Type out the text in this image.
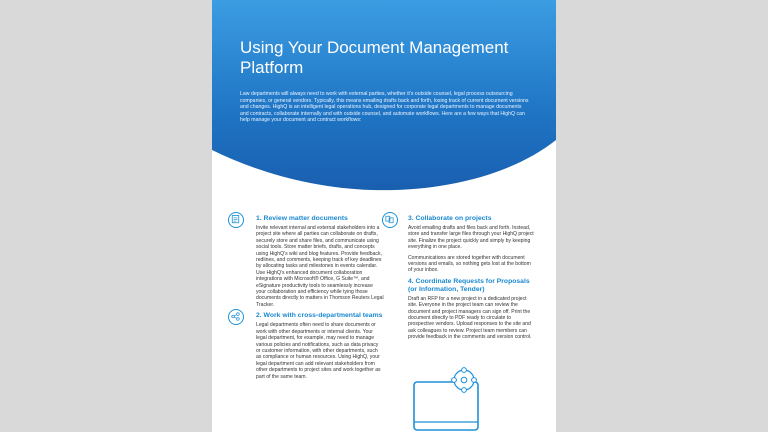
Using Your Document Management Platform

Law departments will always need to work with external parties, whether it’s outside counsel, legal process outsourcing companies, or general vendors. Typically, this means emailing drafts back and forth, losing track of current document versions and changes. HighQ is an intelligent legal operations hub, designed for corporate legal departments to manage documents and contracts, collaborate internally and with outside counsel, and automate workflows. Here are a few ways that HighQ can help manage your document and contract workflows:

1. Review matter documents

Invite relevant internal and external stakeholders into a project site where all parties can collaborate on drafts, securely store and share files, and communicate using social tools. Store matter briefs, drafts, and concepts using HighQ’s wiki and blog features. Provide feedback, redlines, and comments, keeping track of key deadlines by allocating tasks and milestones in events calendar. Use HighQ’s enhanced document collaboration integrations with Microsoft® Office, G Suite™, and eSignature productivity tools to seamlessly increase your collaboration and efficiency while tying those documents directly to matters in Thomson Reuters Legal Tracker.

2. Work with cross-departmental teams

Legal departments often need to share documents or work with other departments or internal clients. Your legal department, for example, may need to manage various policies and notifications, such as data privacy or customer information, with other departments, such as compliance or human resources. Using HighQ, your legal department can add relevant stakeholders from other departments to project sites and work together as part of the same team.

3. Collaborate on projects

Avoid emailing drafts and files back and forth. Instead, store and transfer large files through your HighQ project site. Finalize the project quickly and simply by keeping everything in one place.

Communications are stored together with document versions and emails, so nothing gets lost at the bottom of your inbox.

4. Coordinate Requests for Proposals (or Information, Tender)

Draft an RFP for a new project in a dedicated project site. Everyone in the project team can review the document and project managers can sign off. Print the document directly to PDF ready to circulate to prospective vendors. Upload responses to the site and ask colleagues to review. Project team members can provide feedback in the comments and version control.
